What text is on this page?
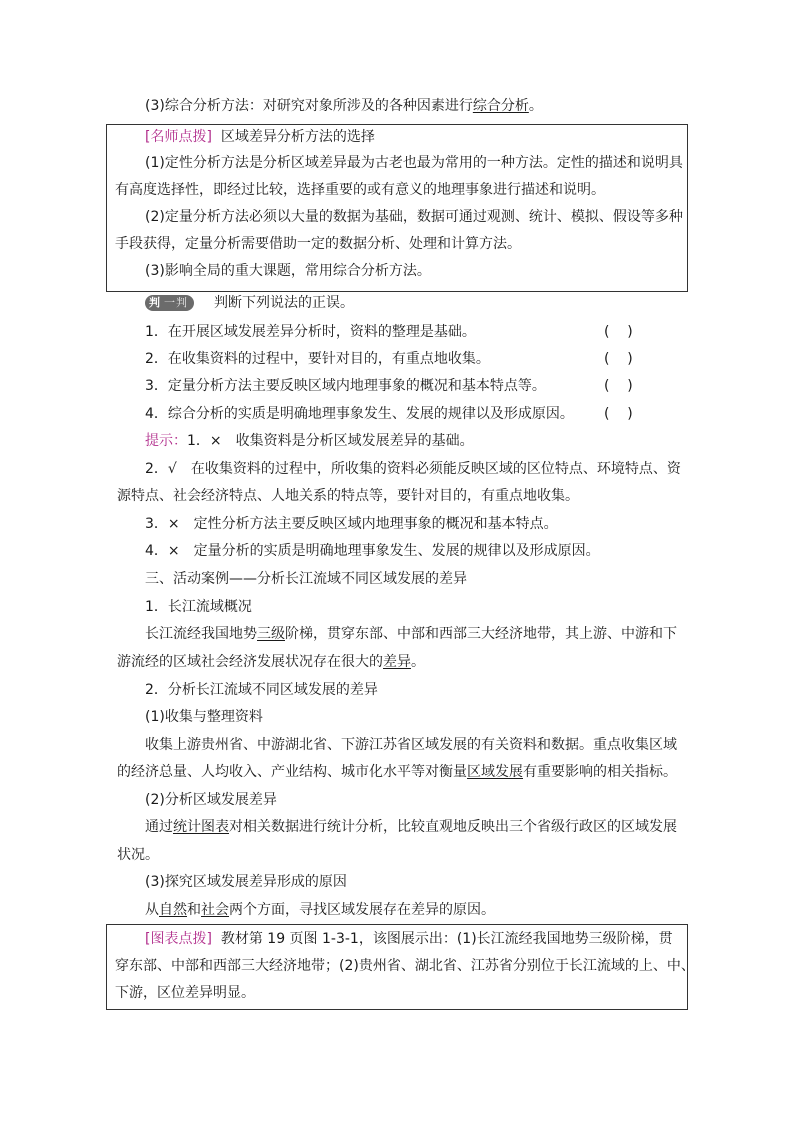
(3)综合分析方法：对研究对象所涉及的各种因素进行综合分析。
[名师点拨] 区域差异分析方法的选择
(1)定性分析方法是分析区域差异最为古老也最为常用的一种方法。定性的描述和说明具
有高度选择性，即经过比较，选择重要的或有意义的地理事象进行描述和说明。
(2)定量分析方法必须以大量的数据为基础，数据可通过观测、统计、模拟、假设等多种
手段获得，定量分析需要借助一定的数据分析、处理和计算方法。
(3)影响全局的重大课题，常用综合分析方法。
判 一判 判断下列说法的正误。
1．在开展区域发展差异分析时，资料的整理是基础。	(    )
2．在收集资料的过程中，要针对目的，有重点地收集。	(    )
3．定量分析方法主要反映区域内地理事象的概况和基本特点等。	(    )
4．综合分析的实质是明确地理事象发生、发展的规律以及形成原因。 (    )
提示：1．×　收集资料是分析区域发展差异的基础。
2．√　在收集资料的过程中，所收集的资料必须能反映区域的区位特点、环境特点、资
源特点、社会经济特点、人地关系的特点等，要针对目的，有重点地收集。
3．×　定性分析方法主要反映区域内地理事象的概况和基本特点。
4．×　定量分析的实质是明确地理事象发生、发展的规律以及形成原因。
三、活动案例——分析长江流域不同区域发展的差异
1．长江流域概况
长江流经我国地势三级阶梯，贯穿东部、中部和西部三大经济地带，其上游、中游和下
游流经的区域社会经济发展状况存在很大的差异。
2．分析长江流域不同区域发展的差异
(1)收集与整理资料
收集上游贵州省、中游湖北省、下游江苏省区域发展的有关资料和数据。重点收集区域
的经济总量、人均收入、产业结构、城市化水平等对衡量区域发展有重要影响的相关指标。
(2)分析区域发展差异
通过统计图表对相关数据进行统计分析，比较直观地反映出三个省级行政区的区域发展
状况。
(3)探究区域发展差异形成的原因
从自然和社会两个方面，寻找区域发展存在差异的原因。
[图表点拨] 教材第 19 页图 1-3-1，该图展示出：(1)长江流经我国地势三级阶梯，贯
穿东部、中部和西部三大经济地带；(2)贵州省、湖北省、江苏省分别位于长江流域的上、中、
下游，区位差异明显。
